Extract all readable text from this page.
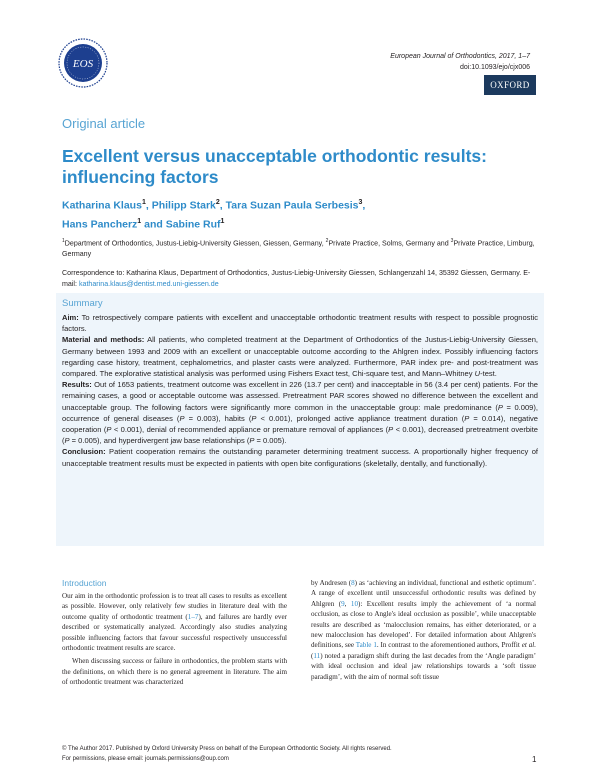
EOS
European Journal of Orthodontics, 2017, 1–7
doi:10.1093/ejo/cjx006
OXFORD
Original article
Excellent versus unacceptable orthodontic results: influencing factors
Katharina Klaus$^1$, Philipp Stark$^2$, Tara Suzan Paula Serbesis$^3$,
Hans Pancherz$^1$ and Sabine Ruf$^1$
$^1$Department of Orthodontics, Justus-Liebig-University Giessen, Giessen, Germany, $^2$Private Practice, Solms, Germany and $^3$Private Practice, Limburg, Germany
Correspondence to: Katharina Klaus, Department of Orthodontics, Justus-Liebig-University Giessen, Schlangenzahl 14, 35392 Giessen, Germany. E-mail: katharina.klaus@dentist.med.uni-giessen.de
Summary

Aim: To retrospectively compare patients with excellent and unacceptable orthodontic treatment results with respect to possible prognostic factors.

Material and methods: All patients, who completed treatment at the Department of Orthodontics of the Justus-Liebig-University Giessen, Germany between 1993 and 2009 with an excellent or unacceptable outcome according to the Ahlgren index. Possibly influencing factors regarding case history, treatment, cephalometrics, and plaster casts were analyzed. Furthermore, PAR index pre- and post-treatment was compared. The explorative statistical analysis was performed using Fishers Exact test, Chi-square test, and Mann–Whitney U-test.

Results: Out of 1653 patients, treatment outcome was excellent in 226 (13.7 per cent) and inacceptable in 56 (3.4 per cent) patients. For the remaining cases, a good or acceptable outcome was assessed. Pretreatment PAR scores showed no difference between the excellent and unacceptable group. The following factors were significantly more common in the unacceptable group: male predominance (P = 0.009), occurrence of general diseases (P = 0.003), habits (P < 0.001), prolonged active appliance treatment duration (P = 0.014), negative cooperation (P < 0.001), denial of recommended appliance or premature removal of appliances (P < 0.001), decreased pretreatment overbite (P = 0.005), and hyperdivergent jaw base relationships (P = 0.005).

Conclusion: Patient cooperation remains the outstanding parameter determining treatment success. A proportionally higher frequency of unacceptable treatment results must be expected in patients with open bite configurations (skeletally, dentally, and functionally).

Introduction

Our aim in the orthodontic profession is to treat all cases to results as excellent as possible. However, only relatively few studies in literature deal with the outcome quality of orthodontic treatment (1–7), and failures are hardly ever described or systematically analyzed. Accordingly also studies analyzing possible influencing factors that favour successful respectively unsuccessful orthodontic treatment results are scarce.

When discussing success or failure in orthodontics, the problem starts with the definitions, on which there is no general agreement in literature. The aim of orthodontic treatment was characterized

by Andresen (8) as ‘achieving an individual, functional and esthetic optimum’. A range of excellent until unsuccessful orthodontic results was defined by Ahlgren (9, 10): Excellent results imply the achievement of ‘a normal occlusion, as close to Angle's ideal occlusion as possible’, while unacceptable results are described as ‘malocclusion remains, has either deteriorated, or a new malocclusion has developed’. For detailed information about Ahlgren's definitions, see Table 1. In contrast to the aforementioned authors, Proffit et al. (11) noted a paradigm shift during the last decades from the ‘Angle paradigm’ with ideal occlusion and ideal jaw relationships towards a ‘soft tissue paradigm’, with the aim of normal soft tissue

© The Author 2017. Published by Oxford University Press on behalf of the European Orthodontic Society. All rights reserved.
For permissions, please email: journals.permissions@oup.com	1
